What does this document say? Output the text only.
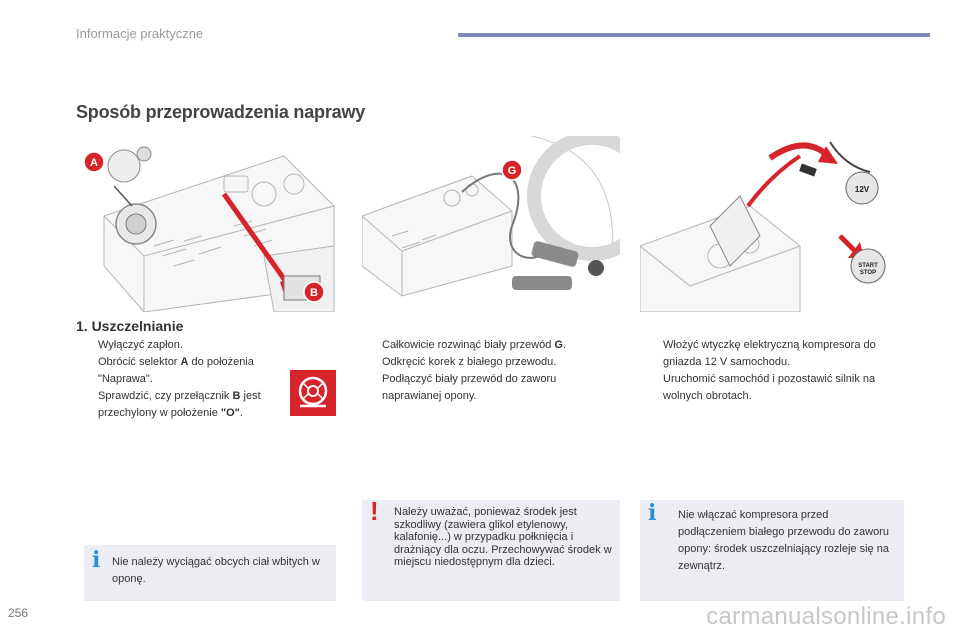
Informacje praktyczne
Sposób przeprowadzenia naprawy
A
B
G
12V
START STOP
1. Uszczelnianie

Wyłączyć zapłon.

Obrócić selektor A do położenia "Naprawa".

Sprawdzić, czy przełącznik B jest przechylony w położenie "O".

Całkowicie rozwinąć biały przewód G.

Odkręcić korek z białego przewodu.

Podłączyć biały przewód do zaworu naprawianej opony.

Włożyć wtyczkę elektryczną kompresora do gniazda 12 V samochodu.

Uruchomić samochód i pozostawić silnik na wolnych obrotach.

i Nie należy wyciągać obcych ciał wbitych w oponę.
! Należy uważać, ponieważ środek jest szkodliwy (zawiera glikol etylenowy, kalafonię...) w przypadku połknięcia i drażniący dla oczu. Przechowywać środek w miejscu niedostępnym dla dzieci.
i Nie włączać kompresora przed podłączeniem białego przewodu do zaworu opony: środek uszczelniający rozleje się na zewnątrz.
256	carmanualsonline.info
